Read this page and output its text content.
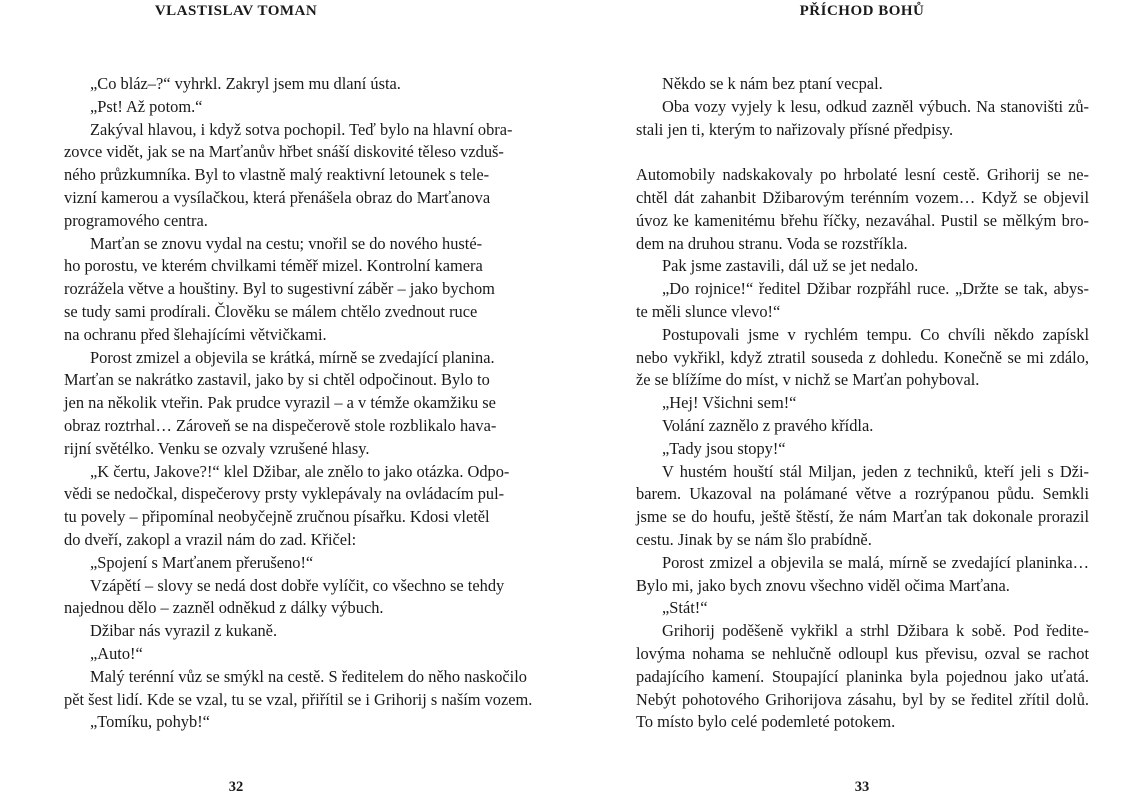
VLASTISLAV TOMAN
„Co bláz–?“ vyhrkl. Zakryl jsem mu dlaní ústa.
„Pst! Až potom.“
Zakýval hlavou, i když sotva pochopil. Teď bylo na hlavní obra-
zovce vidět, jak se na Marťanův hřbet snáší diskovité těleso vzduš-
ného průzkumníka. Byl to vlastně malý reaktivní letounek s tele-
vizní kamerou a vysílačkou, která přenášela obraz do Marťanova
programového centra.
Marťan se znovu vydal na cestu; vnořil se do nového husté-
ho porostu, ve kterém chvilkami téměř mizel. Kontrolní kamera
rozrážela větve a houštiny. Byl to sugestivní záběr – jako bychom
se tudy sami prodírali. Člověku se málem chtělo zvednout ruce
na ochranu před šlehajícími větvičkami.
Porost zmizel a objevila se krátká, mírně se zvedající planina.
Marťan se nakrátko zastavil, jako by si chtěl odpočinout. Bylo to
jen na několik vteřin. Pak prudce vyrazil – a v témže okamžiku se
obraz roztrhal… Zároveň se na dispečerově stole rozblikalo hava-
rijní světélko. Venku se ozvaly vzrušené hlasy.
„K čertu, Jakove?!“ klel Džibar, ale znělo to jako otázka. Odpo-
vědi se nedočkal, dispečerovy prsty vyklepávaly na ovládacím pul-
tu povely – připomínal neobyčejně zručnou písařku. Kdosi vletěl
do dveří, zakopl a vrazil nám do zad. Křičel:
„Spojení s Marťanem přerušeno!“
Vzápětí – slovy se nedá dost dobře vylíčit, co všechno se tehdy
najednou dělo – zazněl odněkud z dálky výbuch.
Džibar nás vyrazil z kukaně.
„Auto!“
Malý terénní vůz se smýkl na cestě. S ředitelem do něho naskočilo
pět šest lidí. Kde se vzal, tu se vzal, přiřítil se i Grihorij s naším vozem.
„Tomíku, pohyb!“
32
PŘÍCHOD BOHŮ
Někdo se k nám bez ptaní vecpal.
Oba vozy vyjely k lesu, odkud zazněl výbuch. Na stanovišti zů-
stali jen ti, kterým to nařizovaly přísné předpisy.
Automobily nadskakovaly po hrbolaté lesní cestě. Grihorij se ne-
chtěl dát zahanbit Džibarovým terénním vozem… Když se objevil
úvoz ke kamenitému břehu říčky, nezaváhal. Pustil se mělkým bro-
dem na druhou stranu. Voda se rozstříkla.
Pak jsme zastavili, dál už se jet nedalo.
„Do rojnice!“ ředitel Džibar rozpřáhl ruce. „Držte se tak, abys-
te měli slunce vlevo!“
Postupovali jsme v rychlém tempu. Co chvíli někdo zapískl
nebo vykřikl, když ztratil souseda z dohledu. Konečně se mi zdálo,
že se blížíme do míst, v nichž se Marťan pohyboval.
„Hej! Všichni sem!“
Volání zaznělo z pravého křídla.
„Tady jsou stopy!“
V hustém houští stál Miljan, jeden z techniků, kteří jeli s Dži-
barem. Ukazoval na polámané větve a rozrýpanou půdu. Semkli
jsme se do houfu, ještě štěstí, že nám Marťan tak dokonale prorazil
cestu. Jinak by se nám šlo prabídně.
Porost zmizel a objevila se malá, mírně se zvedající planinka…
Bylo mi, jako bych znovu všechno viděl očima Marťana.
„Stát!“
Grihorij poděšeně vykřikl a strhl Džibara k sobě. Pod ředite-
lovýma nohama se nehlučně odloupl kus převisu, ozval se rachot
padajícího kamení. Stoupající planinka byla pojednou jako uťatá.
Nebýt pohotového Grihorijova zásahu, byl by se ředitel zřítil dolů.
To místo bylo celé podemleté potokem.
33
